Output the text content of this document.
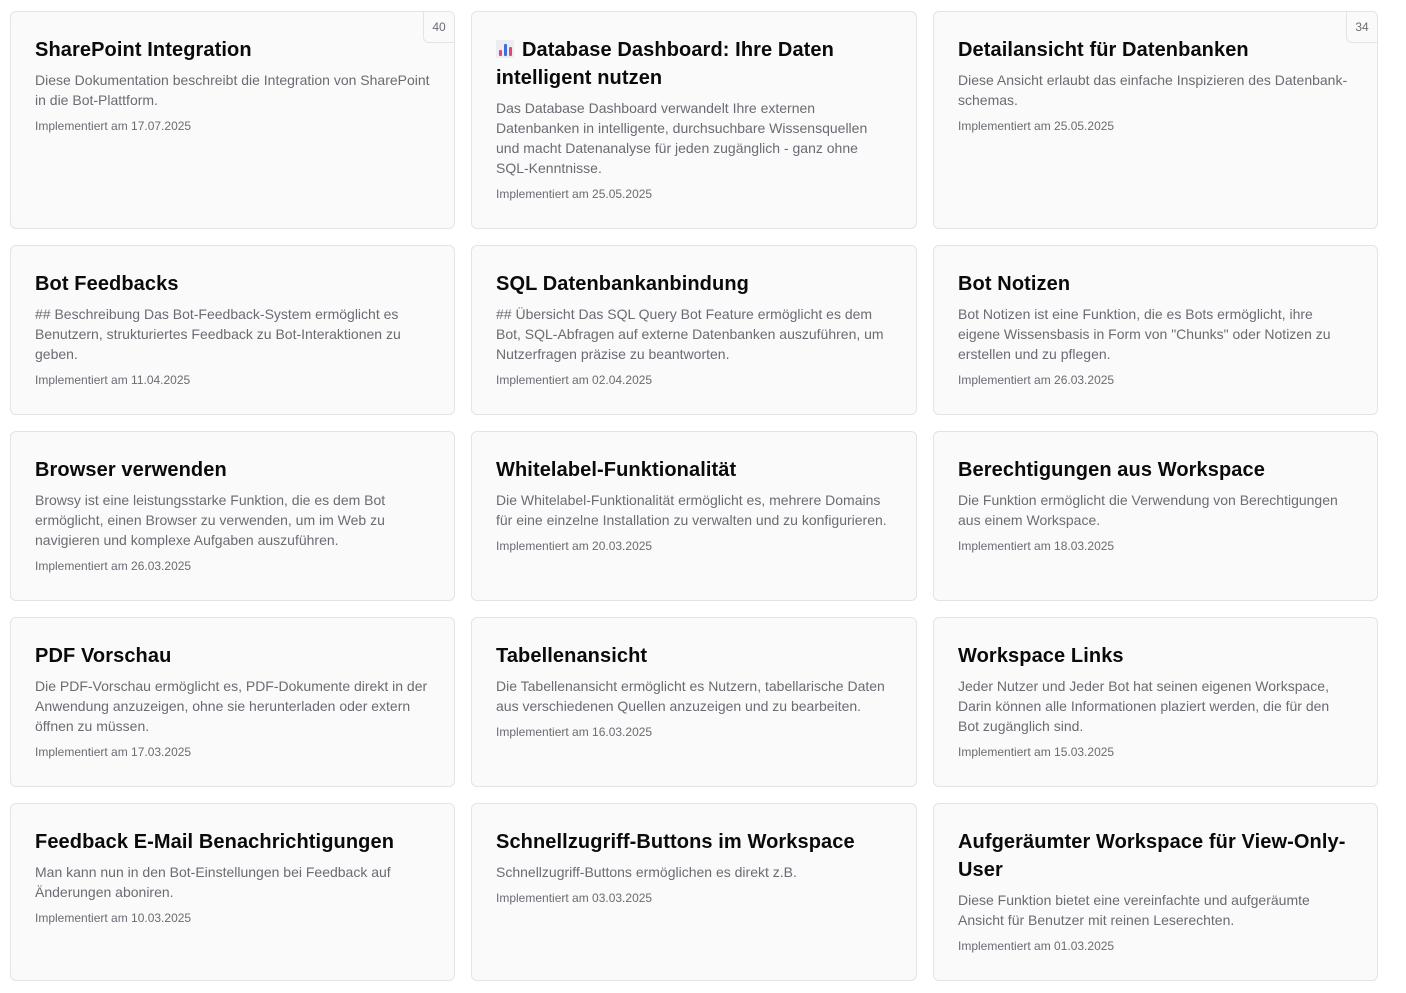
40
SharePoint Integration

Diese Dokumentation beschreibt die Integration von SharePoint in die Bot-Plattform.

Implementiert am 17.07.2025

Database Dashboard: Ihre Daten intelligent nutzen

Das Database Dashboard verwandelt Ihre externen Datenbanken in intelligente, durchsuchbare Wissensquellen und macht Datenanalyse für jeden zugänglich - ganz ohne SQL-Kenntnisse.

Implementiert am 25.05.2025

34
Detailansicht für Datenbanken

Diese Ansicht erlaubt das einfache Inspizieren des Datenbank-schemas.

Implementiert am 25.05.2025

Bot Feedbacks

## Beschreibung Das Bot-Feedback-System ermöglicht es Benutzern, strukturiertes Feedback zu Bot-Interaktionen zu geben.

Implementiert am 11.04.2025

SQL Datenbankanbindung

## Übersicht Das SQL Query Bot Feature ermöglicht es dem Bot, SQL-Abfragen auf externe Datenbanken auszuführen, um Nutzerfragen präzise zu beantworten.

Implementiert am 02.04.2025

Bot Notizen

Bot Notizen ist eine Funktion, die es Bots ermöglicht, ihre eigene Wissensbasis in Form von "Chunks" oder Notizen zu erstellen und zu pflegen.

Implementiert am 26.03.2025

Browser verwenden

Browsy ist eine leistungsstarke Funktion, die es dem Bot ermöglicht, einen Browser zu verwenden, um im Web zu navigieren und komplexe Aufgaben auszuführen.

Implementiert am 26.03.2025

Whitelabel-Funktionalität

Die Whitelabel-Funktionalität ermöglicht es, mehrere Domains für eine einzelne Installation zu verwalten und zu konfigurieren.

Implementiert am 20.03.2025

Berechtigungen aus Workspace

Die Funktion ermöglicht die Verwendung von Berechtigungen aus einem Workspace.

Implementiert am 18.03.2025

PDF Vorschau

Die PDF-Vorschau ermöglicht es, PDF-Dokumente direkt in der Anwendung anzuzeigen, ohne sie herunterladen oder extern öffnen zu müssen.

Implementiert am 17.03.2025

Tabellenansicht

Die Tabellenansicht ermöglicht es Nutzern, tabellarische Daten aus verschiedenen Quellen anzuzeigen und zu bearbeiten.

Implementiert am 16.03.2025

Workspace Links

Jeder Nutzer und Jeder Bot hat seinen eigenen Workspace, Darin können alle Informationen plaziert werden, die für den Bot zugänglich sind.

Implementiert am 15.03.2025

Feedback E-Mail Benachrichtigungen

Man kann nun in den Bot-Einstellungen bei Feedback auf Änderungen aboniren.

Implementiert am 10.03.2025

Schnellzugriff-Buttons im Workspace

Schnellzugriff-Buttons ermöglichen es direkt z.B.

Implementiert am 03.03.2025

Aufgeräumter Workspace für View-Only-User

Diese Funktion bietet eine vereinfachte und aufgeräumte Ansicht für Benutzer mit reinen Leserechten.

Implementiert am 01.03.2025
